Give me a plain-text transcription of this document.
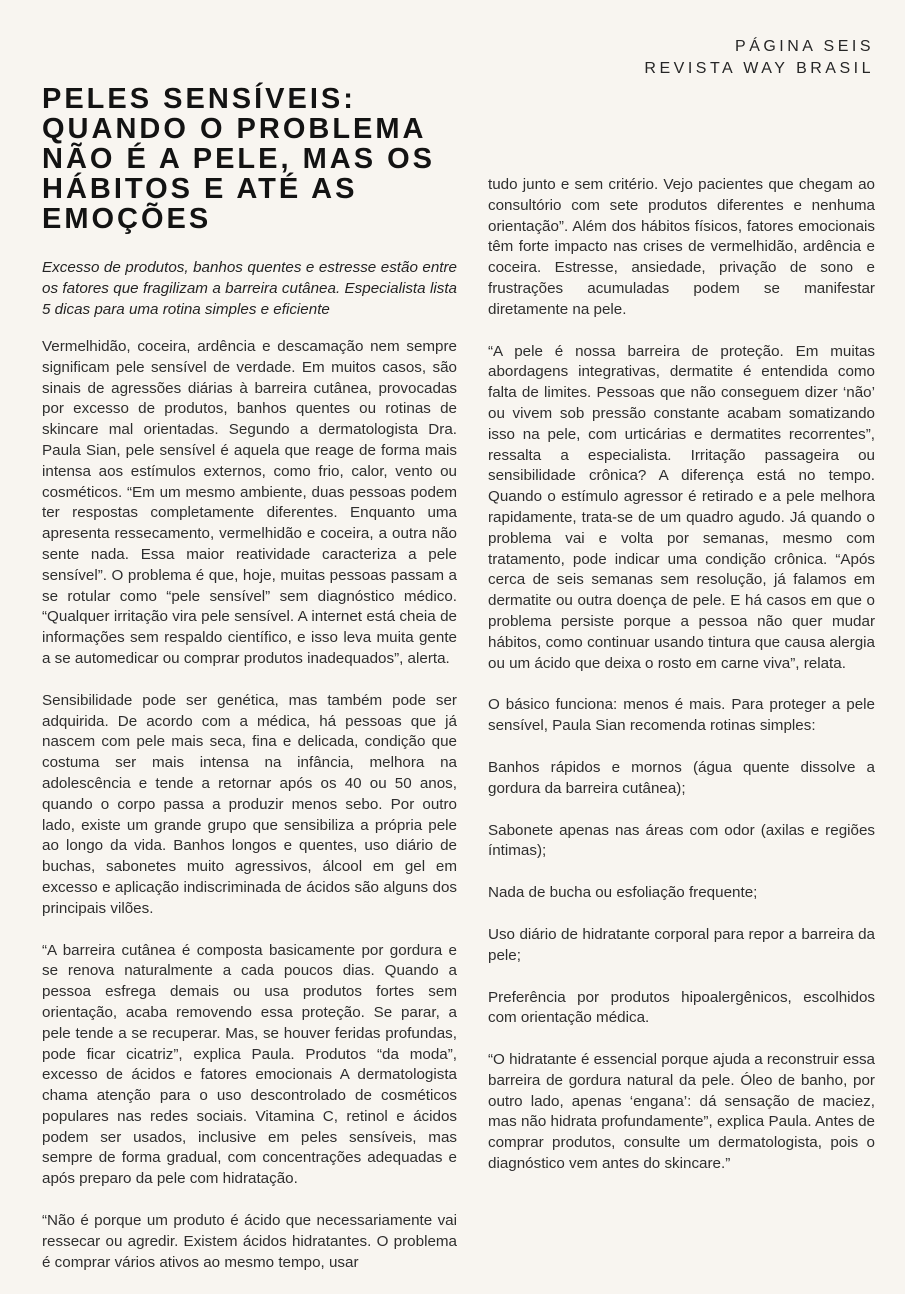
PÁGINA SEIS
REVISTA WAY BRASIL
PELES SENSÍVEIS: QUANDO O PROBLEMA NÃO É A PELE, MAS OS HÁBITOS E ATÉ AS EMOÇÕES

Excesso de produtos, banhos quentes e estresse estão entre os fatores que fragilizam a barreira cutânea. Especialista lista 5 dicas para uma rotina simples e eficiente

Vermelhidão, coceira, ardência e descamação nem sempre significam pele sensível de verdade. Em muitos casos, são sinais de agressões diárias à barreira cutânea, provocadas por excesso de produtos, banhos quentes ou rotinas de skincare mal orientadas. Segundo a dermatologista Dra. Paula Sian, pele sensível é aquela que reage de forma mais intensa aos estímulos externos, como frio, calor, vento ou cosméticos. “Em um mesmo ambiente, duas pessoas podem ter respostas completamente diferentes. Enquanto uma apresenta ressecamento, vermelhidão e coceira, a outra não sente nada. Essa maior reatividade caracteriza a pele sensível”. O problema é que, hoje, muitas pessoas passam a se rotular como “pele sensível” sem diagnóstico médico. “Qualquer irritação vira pele sensível. A internet está cheia de informações sem respaldo científico, e isso leva muita gente a se automedicar ou comprar produtos inadequados”, alerta.

Sensibilidade pode ser genética, mas também pode ser adquirida. De acordo com a médica, há pessoas que já nascem com pele mais seca, fina e delicada, condição que costuma ser mais intensa na infância, melhora na adolescência e tende a retornar após os 40 ou 50 anos, quando o corpo passa a produzir menos sebo. Por outro lado, existe um grande grupo que sensibiliza a própria pele ao longo da vida. Banhos longos e quentes, uso diário de buchas, sabonetes muito agressivos, álcool em gel em excesso e aplicação indiscriminada de ácidos são alguns dos principais vilões.

“A barreira cutânea é composta basicamente por gordura e se renova naturalmente a cada poucos dias. Quando a pessoa esfrega demais ou usa produtos fortes sem orientação, acaba removendo essa proteção. Se parar, a pele tende a se recuperar. Mas, se houver feridas profundas, pode ficar cicatriz”, explica Paula. Produtos “da moda”, excesso de ácidos e fatores emocionais A dermatologista chama atenção para o uso descontrolado de cosméticos populares nas redes sociais. Vitamina C, retinol e ácidos podem ser usados, inclusive em peles sensíveis, mas sempre de forma gradual, com concentrações adequadas e após preparo da pele com hidratação.

“Não é porque um produto é ácido que necessariamente vai ressecar ou agredir. Existem ácidos hidratantes. O problema é comprar vários ativos ao mesmo tempo, usar

tudo junto e sem critério. Vejo pacientes que chegam ao consultório com sete produtos diferentes e nenhuma orientação”. Além dos hábitos físicos, fatores emocionais têm forte impacto nas crises de vermelhidão, ardência e coceira. Estresse, ansiedade, privação de sono e frustrações acumuladas podem se manifestar diretamente na pele.

“A pele é nossa barreira de proteção. Em muitas abordagens integrativas, dermatite é entendida como falta de limites. Pessoas que não conseguem dizer ‘não’ ou vivem sob pressão constante acabam somatizando isso na pele, com urticárias e dermatites recorrentes”, ressalta a especialista. Irritação passageira ou sensibilidade crônica? A diferença está no tempo. Quando o estímulo agressor é retirado e a pele melhora rapidamente, trata-se de um quadro agudo. Já quando o problema vai e volta por semanas, mesmo com tratamento, pode indicar uma condição crônica. “Após cerca de seis semanas sem resolução, já falamos em dermatite ou outra doença de pele. E há casos em que o problema persiste porque a pessoa não quer mudar hábitos, como continuar usando tintura que causa alergia ou um ácido que deixa o rosto em carne viva”, relata.

O básico funciona: menos é mais. Para proteger a pele sensível, Paula Sian recomenda rotinas simples:

Banhos rápidos e mornos (água quente dissolve a gordura da barreira cutânea);

Sabonete apenas nas áreas com odor (axilas e regiões íntimas);

Nada de bucha ou esfoliação frequente;

Uso diário de hidratante corporal para repor a barreira da pele;

Preferência por produtos hipoalergênicos, escolhidos com orientação médica.

“O hidratante é essencial porque ajuda a reconstruir essa barreira de gordura natural da pele. Óleo de banho, por outro lado, apenas ‘engana’: dá sensação de maciez, mas não hidrata profundamente”, explica Paula. Antes de comprar produtos, consulte um dermatologista, pois o diagnóstico vem antes do skincare.”
